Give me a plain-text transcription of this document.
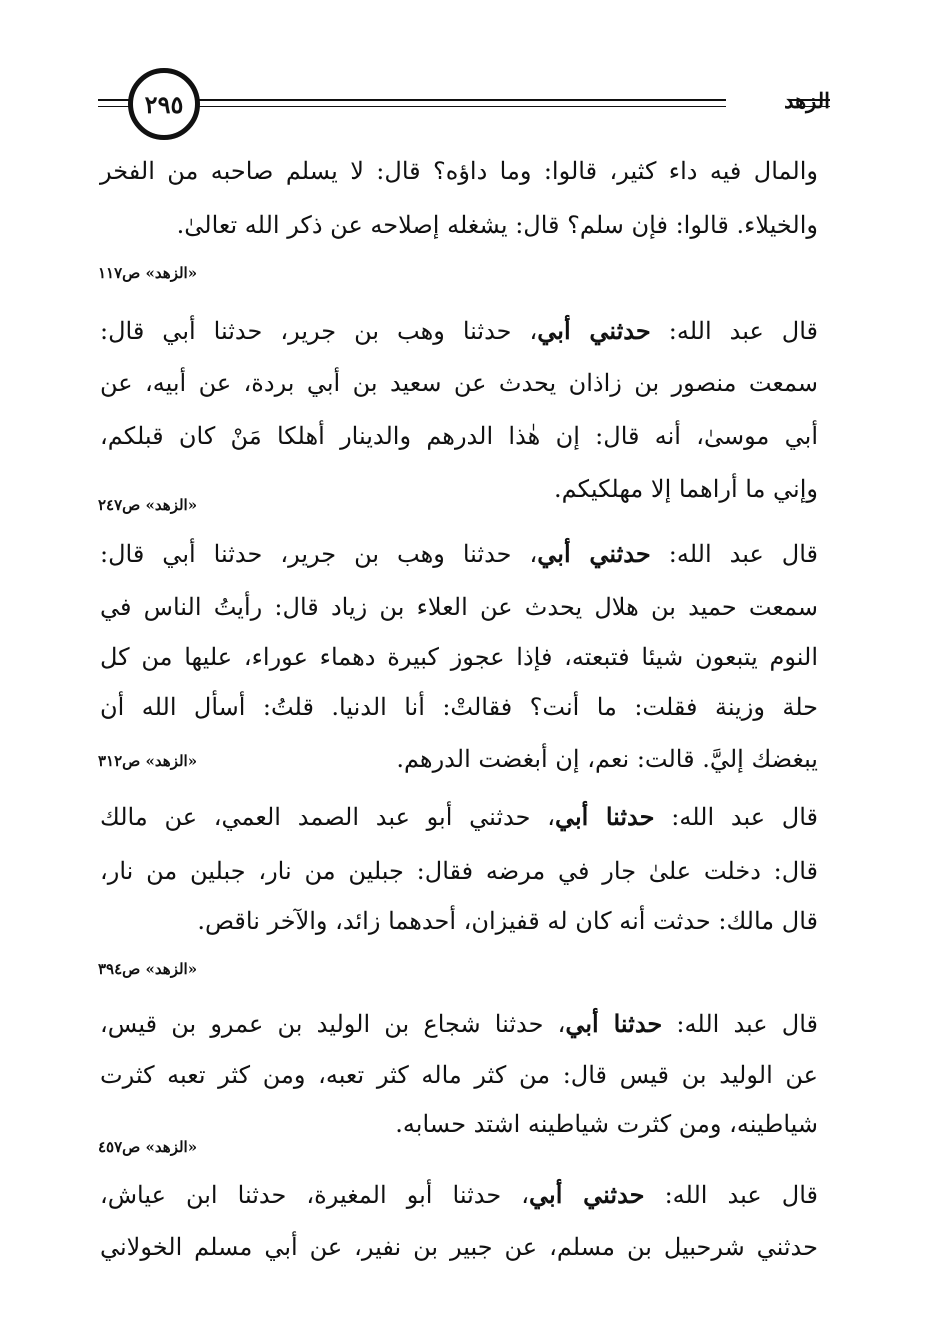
الزهد
٢٩٥
والمال فيه داء كثير، قالوا: وما داؤه؟ قال: لا يسلم صاحبه من الفخر
والخيلاء. قالوا: فإن سلم؟ قال: يشغله إصلاحه عن ذكر الله تعالىٰ.
«الزهد» ص١١٧
قال عبد الله: حدثني أبي، حدثنا وهب بن جرير، حدثنا أبي قال:
سمعت منصور بن زاذان يحدث عن سعيد بن أبي بردة، عن أبيه، عن
أبي موسىٰ، أنه قال: إن هٰذا الدرهم والدينار أهلكا مَنْ كان قبلكم،
وإني ما أراهما إلا مهلكيكم.
«الزهد» ص٢٤٧
قال عبد الله: حدثني أبي، حدثنا وهب بن جرير، حدثنا أبي قال:
سمعت حميد بن هلال يحدث عن العلاء بن زياد قال: رأيتُ الناس في
النوم يتبعون شيئا فتبعته، فإذا عجوز كبيرة دهماء عوراء، عليها من كل
حلة وزينة فقلت: ما أنت؟ فقالتْ: أنا الدنيا. قلتُ: أسأل الله أن
يبغضك إليَّ. قالت: نعم، إن أبغضت الدرهم.
«الزهد» ص٣١٢
قال عبد الله: حدثنا أبي، حدثني أبو عبد الصمد العمي، عن مالك
قال: دخلت علىٰ جار في مرضه فقال: جبلين من نار، جبلين من نار،
قال مالك: حدثت أنه كان له قفيزان، أحدهما زائد، والآخر ناقص.
«الزهد» ص٣٩٤
قال عبد الله: حدثنا أبي، حدثنا شجاع بن الوليد بن عمرو بن قيس،
عن الوليد بن قيس قال: من كثر ماله كثر تعبه، ومن كثر تعبه كثرت
شياطينه، ومن كثرت شياطينه اشتد حسابه.
«الزهد» ص٤٥٧
قال عبد الله: حدثني أبي، حدثنا أبو المغيرة، حدثنا ابن عياش،
حدثني شرحبيل بن مسلم، عن جبير بن نفير، عن أبي مسلم الخولاني
